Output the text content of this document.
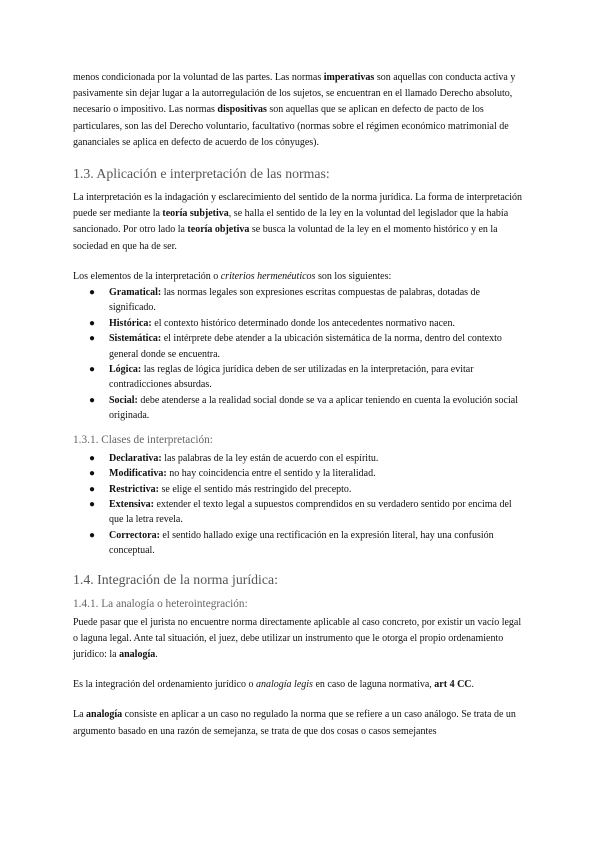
menos condicionada por la voluntad de las partes. Las normas imperativas son aquellas con conducta activa y pasivamente sin dejar lugar a la autorregulación de los sujetos, se encuentran en el llamado Derecho absoluto, necesario o impositivo. Las normas dispositivas son aquellas que se aplican en defecto de pacto de los particulares, son las del Derecho voluntario, facultativo (normas sobre el régimen económico matrimonial de gananciales se aplica en defecto de acuerdo de los cónyuges).

1.3. Aplicación e interpretación de las normas:

La interpretación es la indagación y esclarecimiento del sentido de la norma jurídica. La forma de interpretación puede ser mediante la teoría subjetiva, se halla el sentido de la ley en la voluntad del legislador que la había sancionado. Por otro lado la teoría objetiva se busca la voluntad de la ley en el momento histórico y en la sociedad en que ha de ser.

Los elementos de la interpretación o criterios hermenéuticos son los siguientes:

● Gramatical: las normas legales son expresiones escritas compuestas de palabras, dotadas de significado.
● Histórica: el contexto histórico determinado donde los antecedentes normativo nacen.
● Sistemática: el intérprete debe atender a la ubicación sistemática de la norma, dentro del contexto general donde se encuentra.
● Lógica: las reglas de lógica jurídica deben de ser utilizadas en la interpretación, para evitar contradicciones absurdas.
● Social: debe atenderse a la realidad social donde se va a aplicar teniendo en cuenta la evolución social originada.
1.3.1. Clases de interpretación:
● Declarativa: las palabras de la ley están de acuerdo con el espíritu.
● Modificativa: no hay coincidencia entre el sentido y la literalidad.
● Restrictiva: se elige el sentido más restringido del precepto.
● Extensiva: extender el texto legal a supuestos comprendidos en su verdadero sentido por encima del que la letra revela.
● Correctora: el sentido hallado exige una rectificación en la expresión literal, hay una confusión conceptual.
1.4. Integración de la norma jurídica:
1.4.1. La analogía o heterointegración:

Puede pasar que el jurista no encuentre norma directamente aplicable al caso concreto, por existir un vacío legal o laguna legal. Ante tal situación, el juez, debe utilizar un instrumento que le otorga el propio ordenamiento jurídico: la analogía.

Es la integración del ordenamiento jurídico o analogía legis en caso de laguna normativa, art 4 CC.

La analogía consiste en aplicar a un caso no regulado la norma que se refiere a un caso análogo. Se trata de un argumento basado en una razón de semejanza, se trata de que dos cosas o casos semejantes
